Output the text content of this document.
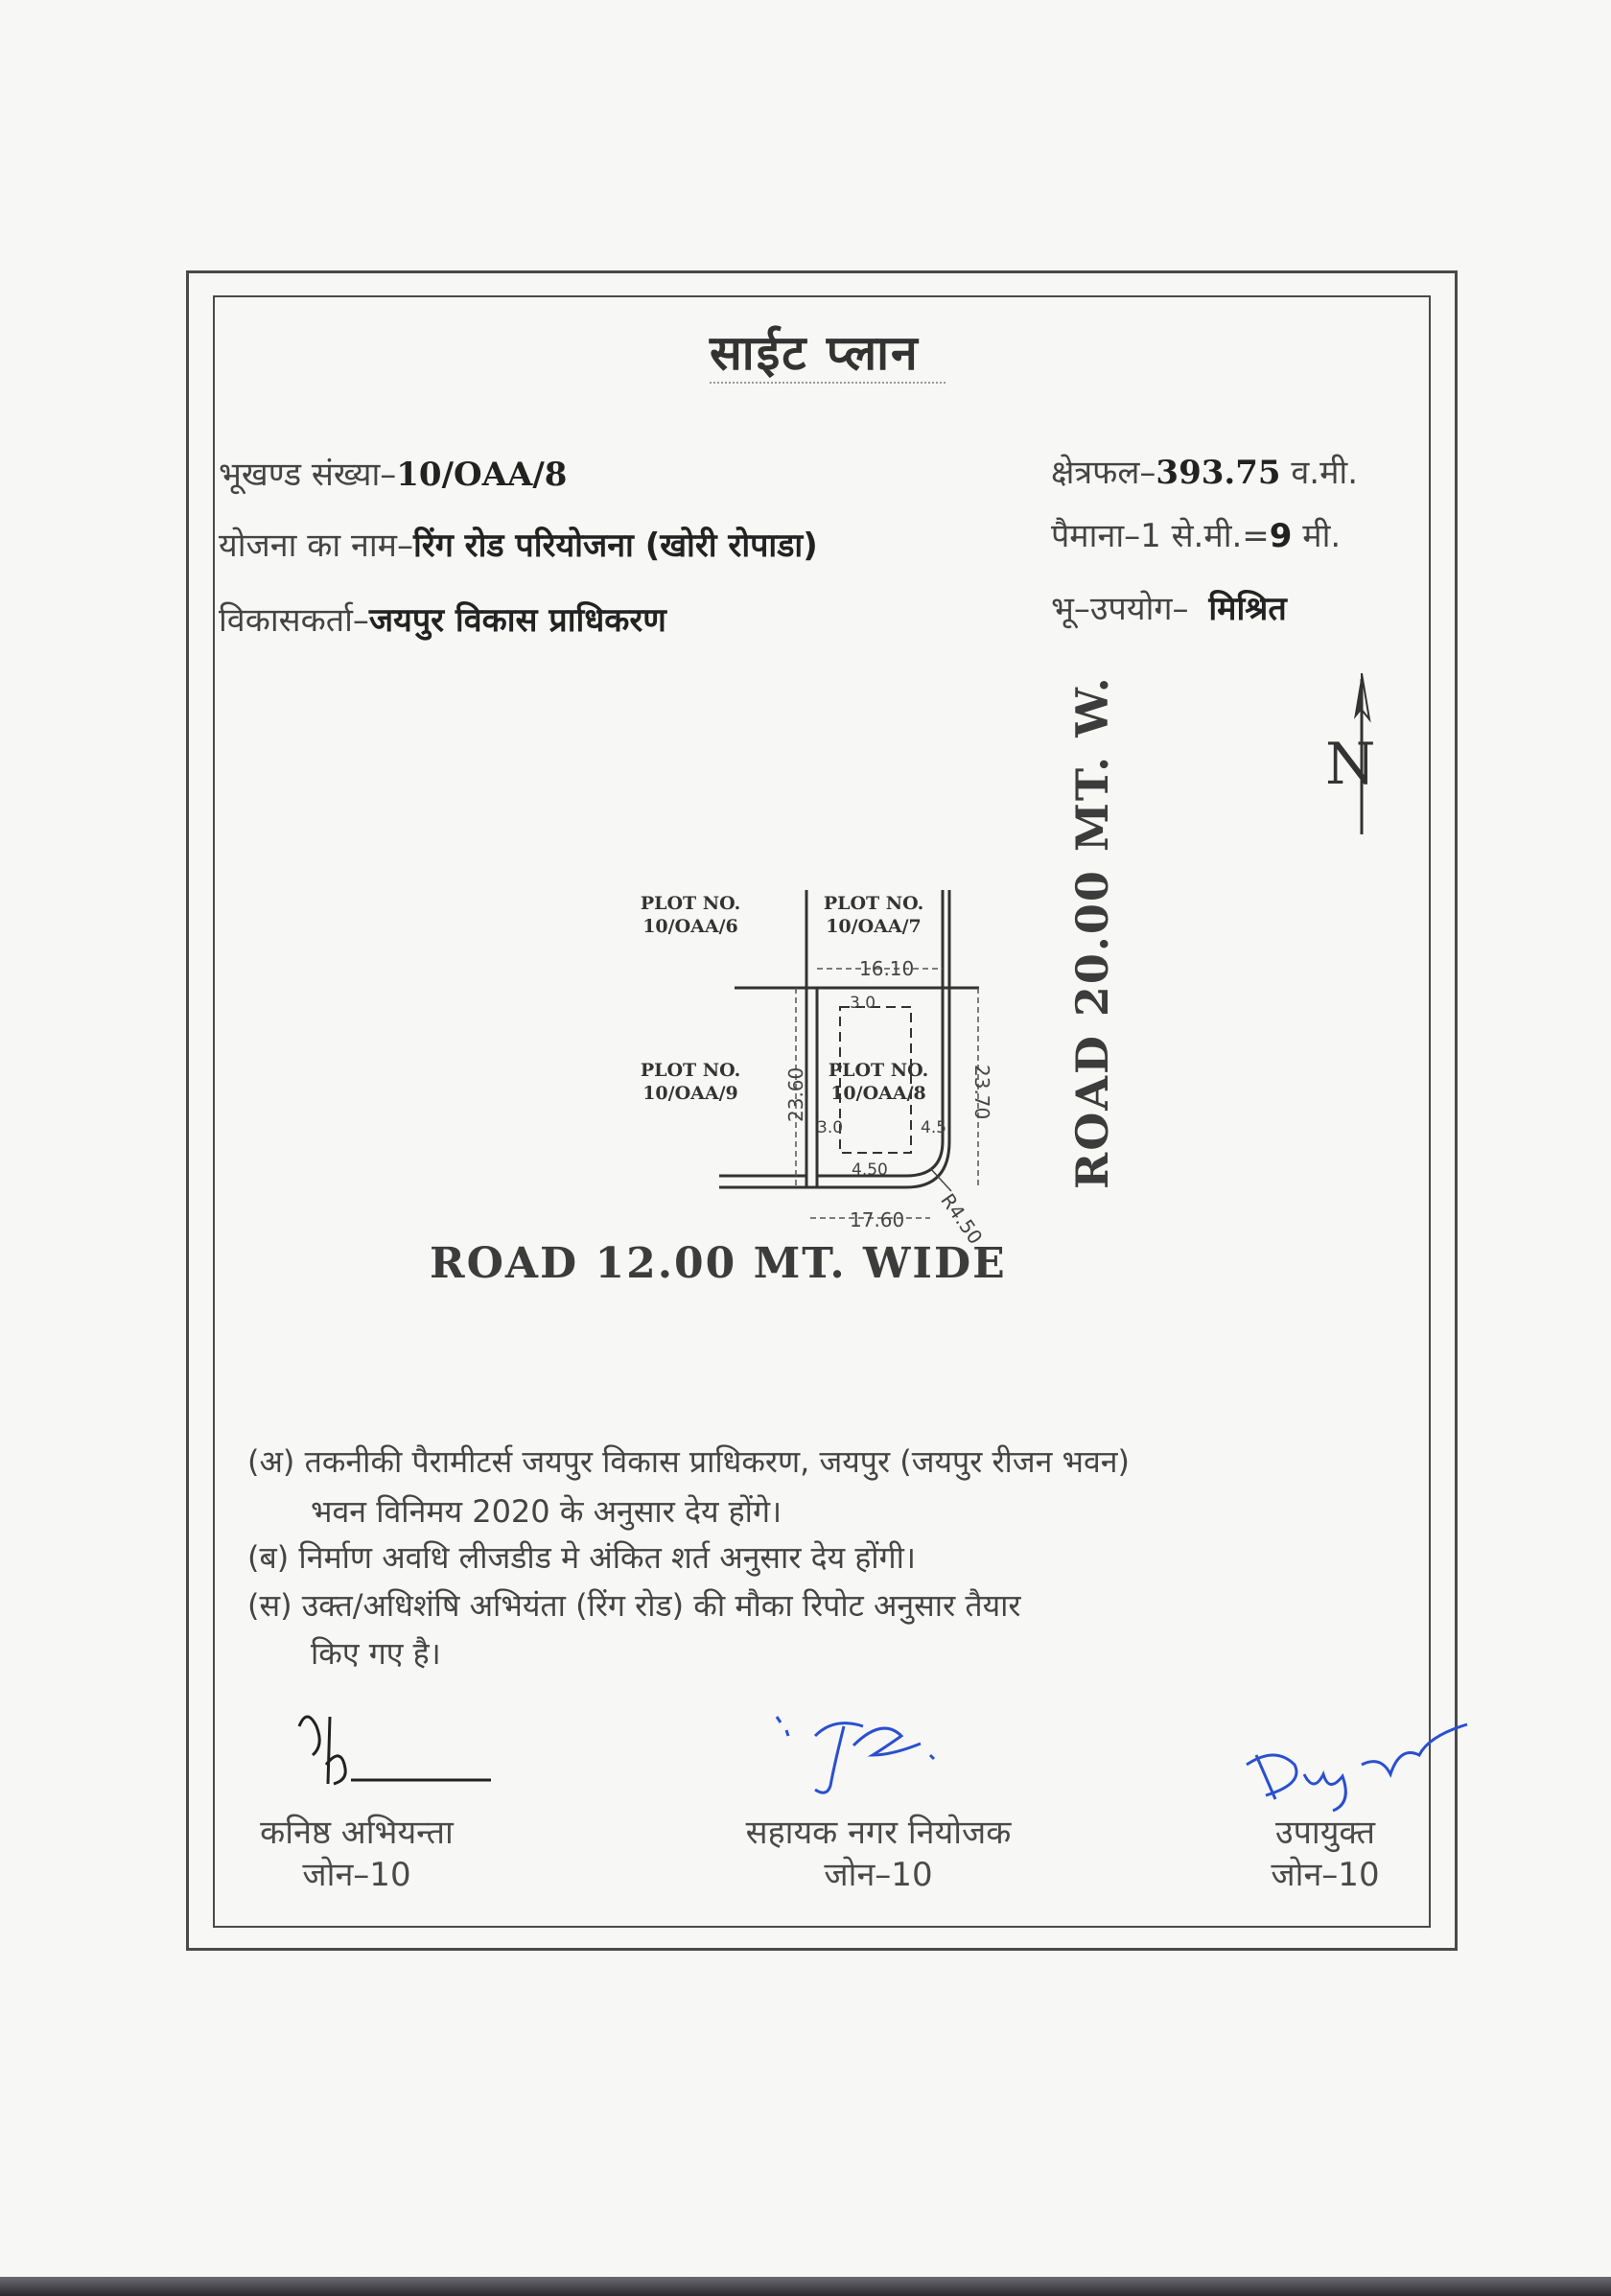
साईट प्लान
भूखण्ड संख्या–10/OAA/8
योजना का नाम–रिंग रोड परियोजना (खोरी रोपाडा)
विकासकर्ता–जयपुर विकास प्राधिकरण
क्षेत्रफल–393.75 व.मी.
पैमाना–1 से.मी.=9 मी.
भू–उपयोग– मिश्रित
N
ROAD 20.00 MT. W.
PLOT NO.
10/OAA/6
PLOT NO.
10/OAA/7
PLOT NO.
10/OAA/9
PLOT NO.
10/OAA/8
16.10
3.0
23.60	23.70
3.0	4.5
4.50
17.60 R4.50
ROAD 12.00 MT. WIDE
(अ) तकनीकी पैरामीटर्स जयपुर विकास प्राधिकरण, जयपुर (जयपुर रीजन भवन)
भवन विनिमय 2020 के अनुसार देय होंगे।
(ब) निर्माण अवधि लीजडीड मे अंकित शर्त अनुसार देय होंगी।
(स) उक्त/अधिशंषि अभियंता (रिंग रोड) की मौका रिपोट अनुसार तैयार
किए गए है।
कनिष्ठ अभियन्ता
जोन–10
सहायक नगर नियोजक
जोन–10
उपायुक्त
जोन–10
